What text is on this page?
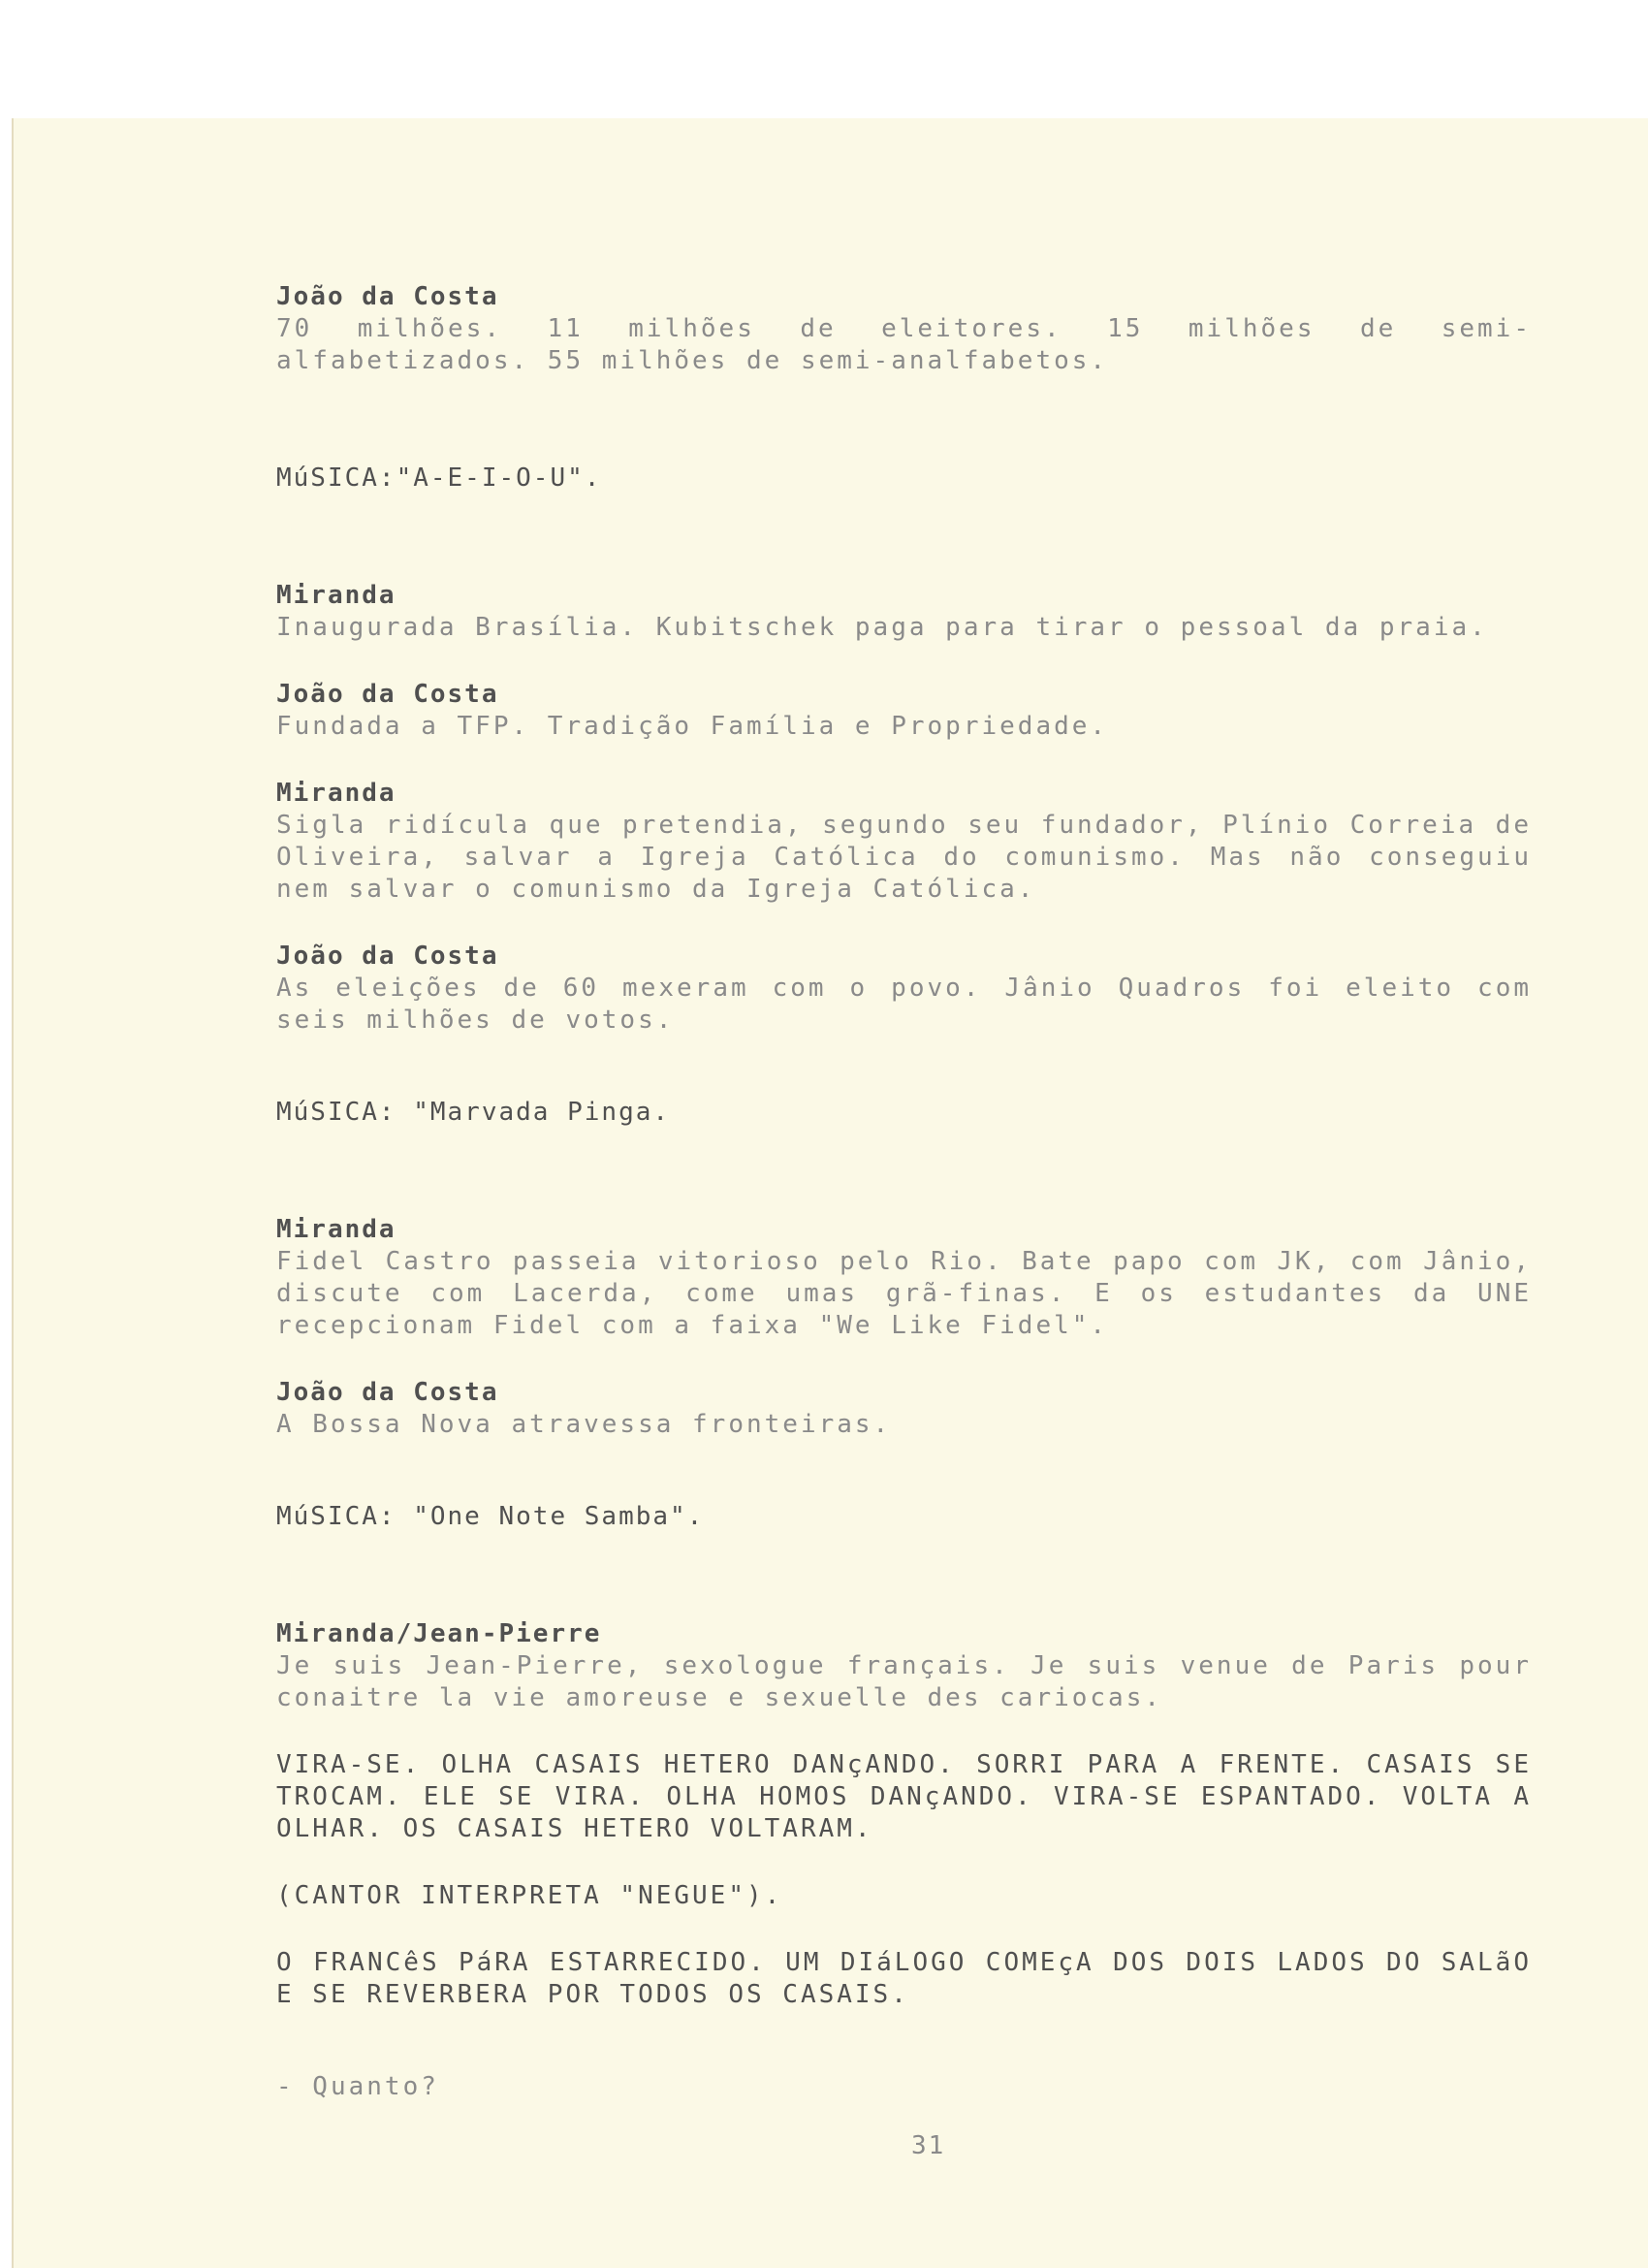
João da Costa

70 milhões. 11 milhões de eleitores. 15 milhões de semi-alfabetizados. 55 milhões de semi-analfabetos.

MúSICA:"A-E-I-O-U".

Miranda

Inaugurada Brasília. Kubitschek paga para tirar o pessoal da praia.

João da Costa

Fundada a TFP. Tradição Família e Propriedade.

Miranda

Sigla ridícula que pretendia, segundo seu fundador, Plínio Correia de Oliveira, salvar a Igreja Católica do comunismo. Mas não conseguiu nem salvar o comunismo da Igreja Católica.

João da Costa

As eleições de 60 mexeram com o povo. Jânio Quadros foi eleito com seis milhões de votos.

MúSICA: "Marvada Pinga.

Miranda

Fidel Castro passeia vitorioso pelo Rio. Bate papo com JK, com Jânio, discute com Lacerda, come umas grã-finas. E os estudantes da UNE recepcionam Fidel com a faixa "We Like Fidel".

João da Costa

A Bossa Nova atravessa fronteiras.

MúSICA: "One Note Samba".

Miranda/Jean-Pierre

Je suis Jean-Pierre, sexologue français. Je suis venue de Paris pour conaitre la vie amoreuse e sexuelle des cariocas.

VIRA-SE. OLHA CASAIS HETERO DANçANDO. SORRI PARA A FRENTE. CASAIS SE TROCAM. ELE SE VIRA. OLHA HOMOS DANçANDO. VIRA-SE ESPANTADO. VOLTA A OLHAR. OS CASAIS HETERO VOLTARAM.

(CANTOR INTERPRETA "NEGUE").

O FRANCêS PáRA ESTARRECIDO. UM DIáLOGO COMEçA DOS DOIS LADOS DO SALãO E SE REVERBERA POR TODOS OS CASAIS.

- Quanto?

31
